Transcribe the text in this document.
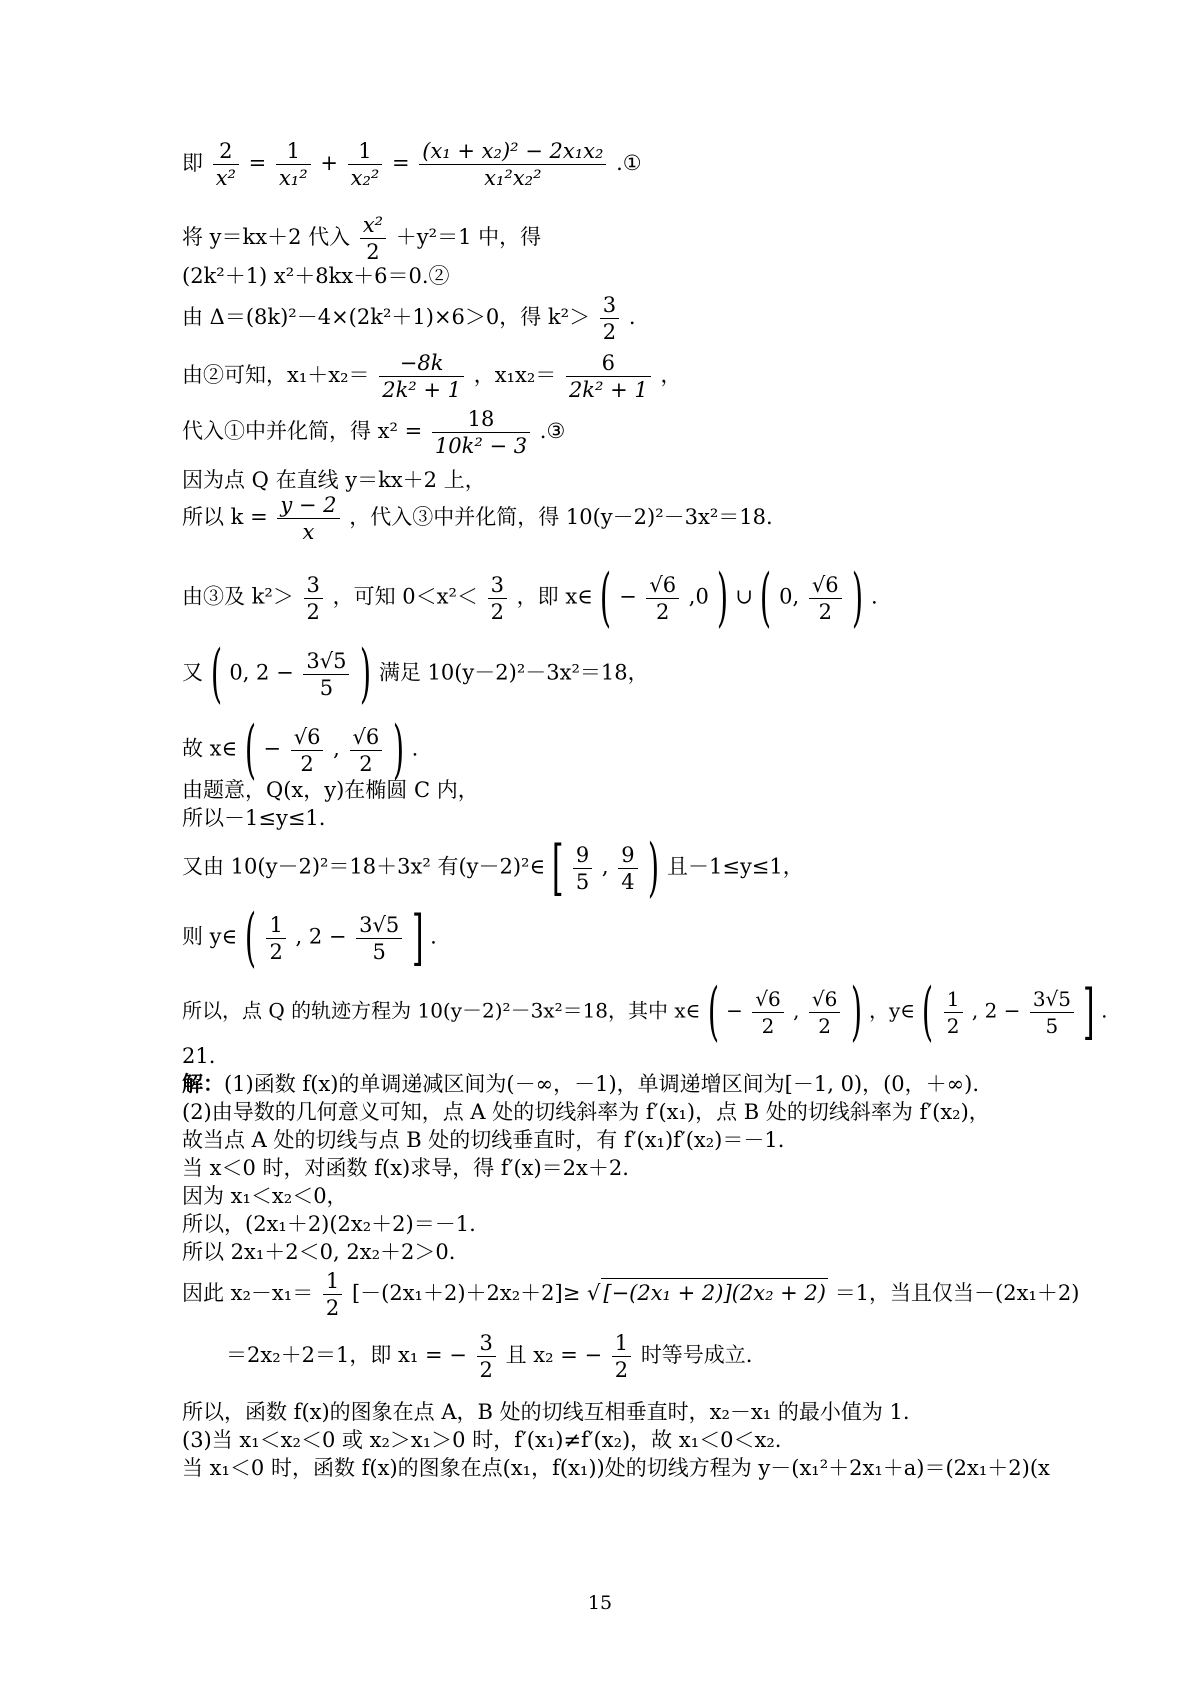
即 $\frac{2}{\text{x²}} = \frac{1}{\text{x₁²}} + \frac{1}{\text{x₂²}} = \frac{\text{(x₁ + x₂)² − 2x₁x₂}}{\text{x₁²x₂²}}$ .①
将 y＝kx＋2 代入 $\frac{\text{x²}}{2} +y^2=1$ 中，得
(2k²＋1) x²＋8kx＋6＝0.②
由 Δ＝(8k)²－4×(2k²＋1)×6＞0，得 $k^2> \frac{3}{2}$ .
由②可知，$x_1+x_2= \frac{-8k}{\text{2k² + 1}}$ ，$x_1x_2= \frac{6}{\text{2k² + 1}}$ ，
代入①中并化简，得 $x^2 = \frac{18}{\text{10k² − 3}}$ .③
因为点 Q 在直线 y＝kx＋2 上，
所以 $k = \frac{y - 2}{x}$ ，代入③中并化简，得 10(y－2)²－3x²＝18.
由③及 $k^2> \frac{3}{2}$ ，可知 $0<x^2< \frac{3}{2}$ ，即 x∈ ( − $\frac{√6}{2} ,0$ ) ∪ ( 0, $\frac{√6}{2}$ ) .
又 ( 0, $2 - \frac{3√5}{5}$ ) 满足 10(y－2)²－3x²＝18，
故 x∈ ( − $\frac{√6}{2}$ , $\frac{√6}{2}$ ) .
由题意，Q(x，y)在椭圆 C 内，
所以－1≤y≤1.
又由 10(y－2)²＝18＋3x² 有(y－2)²∈ [ $\frac{9}{5}$ , $\frac{9}{4}$ ) 且－1≤y≤1，
则 y∈ ( $\frac{1}{2}$ , $2 - \frac{3√5}{5}$ ] .
所以，点 Q 的轨迹方程为 10(y－2)²－3x²＝18，其中 x∈ ( − $\frac{√6}{2}$ , $\frac{√6}{2}$ ) ，y∈ ( $\frac{1}{2}$ , $2 - \frac{3√5}{5}$ ] .
21.
解：(1)函数 f(x)的单调递减区间为(－∞，－1)，单调递增区间为[－1, 0)，(0，＋∞).
(2)由导数的几何意义可知，点 A 处的切线斜率为 f′(x₁)，点 B 处的切线斜率为 f′(x₂)，
故当点 A 处的切线与点 B 处的切线垂直时，有 f′(x₁)f′(x₂)＝－1.
当 x＜0 时，对函数 f(x)求导，得 f′(x)＝2x＋2.
因为 x₁＜x₂＜0，
所以，(2x₁＋2)(2x₂＋2)＝－1.
所以 2x₁＋2＜0, 2x₂＋2＞0.
因此 $x_2-x_1= \frac{1}{2} [-(2x_1+2)+2x_2+2]\ge$ √ [−(2x₁ + 2)](2x₂ + 2) ＝1，当且仅当－(2x₁＋2)
＝2x₂＋2＝1，即 x₁ = − $\frac{3}{2}$ 且 x₂ = − $\frac{1}{2}$ 时等号成立.
所以，函数 f(x)的图象在点 A，B 处的切线互相垂直时，x₂－x₁ 的最小值为 1.
(3)当 x₁＜x₂＜0 或 x₂＞x₁＞0 时，f′(x₁)≠f′(x₂)，故 x₁＜0＜x₂.
当 x₁＜0 时，函数 f(x)的图象在点(x₁，f(x₁))处的切线方程为 y－(x₁²＋2x₁＋a)＝(2x₁＋2)(x
15
